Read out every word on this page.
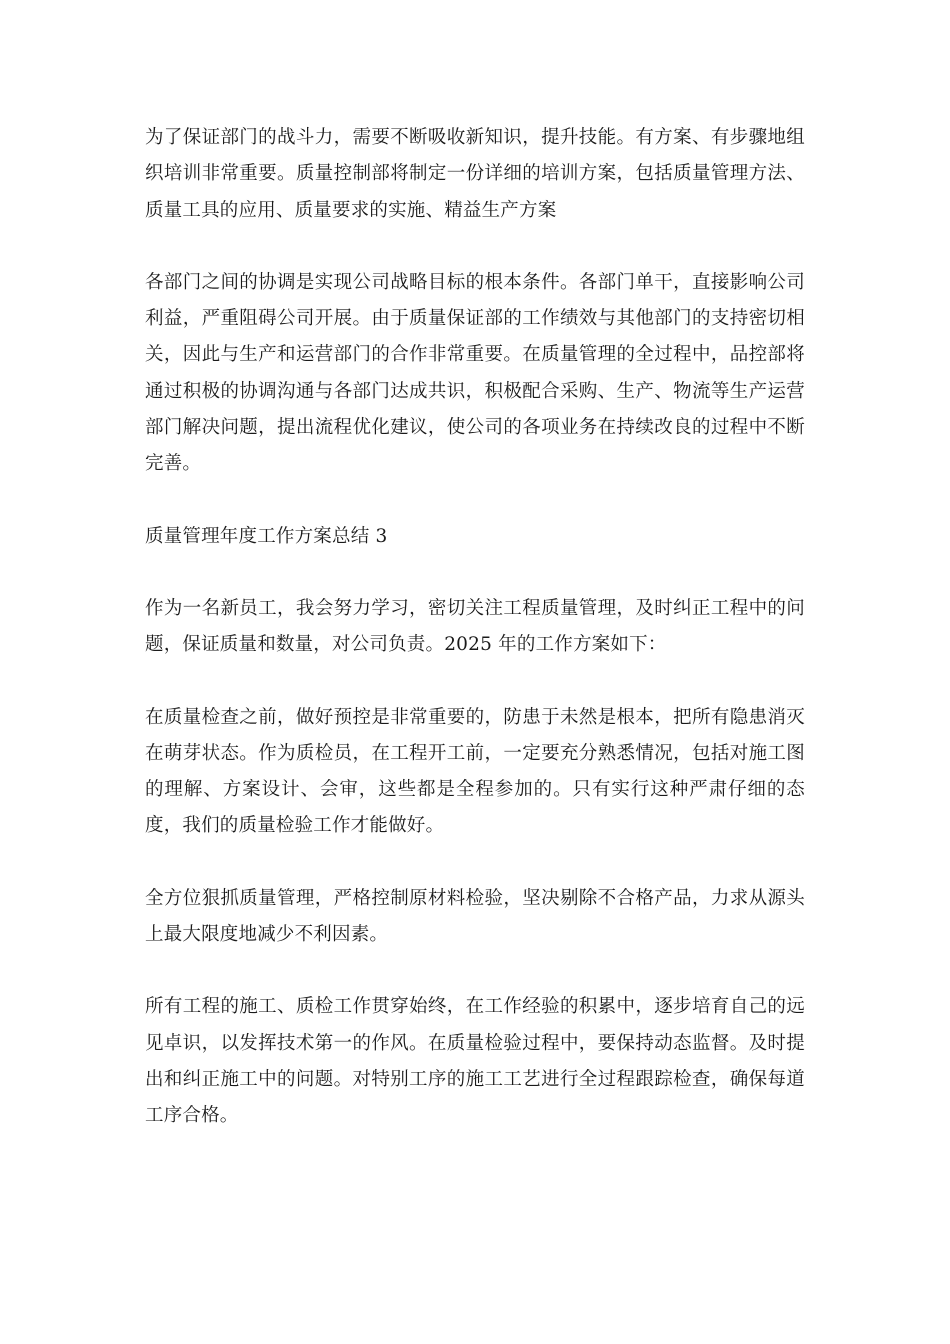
为了保证部门的战斗力，需要不断吸收新知识，提升技能。有方案、有步骤地组织培训非常重要。质量控制部将制定一份详细的培训方案，包括质量管理方法、质量工具的应用、质量要求的实施、精益生产方案

各部门之间的协调是实现公司战略目标的根本条件。各部门单干，直接影响公司利益，严重阻碍公司开展。由于质量保证部的工作绩效与其他部门的支持密切相关，因此与生产和运营部门的合作非常重要。在质量管理的全过程中，品控部将通过积极的协调沟通与各部门达成共识，积极配合采购、生产、物流等生产运营部门解决问题，提出流程优化建议，使公司的各项业务在持续改良的过程中不断完善。

质量管理年度工作方案总结 3

作为一名新员工，我会努力学习，密切关注工程质量管理，及时纠正工程中的问题，保证质量和数量，对公司负责。2025 年的工作方案如下：

在质量检查之前，做好预控是非常重要的，防患于未然是根本，把所有隐患消灭在萌芽状态。作为质检员，在工程开工前，一定要充分熟悉情况，包括对施工图的理解、方案设计、会审，这些都是全程参加的。只有实行这种严肃仔细的态度，我们的质量检验工作才能做好。

全方位狠抓质量管理，严格控制原材料检验，坚决剔除不合格产品，力求从源头上最大限度地减少不利因素。

所有工程的施工、质检工作贯穿始终，在工作经验的积累中，逐步培育自己的远见卓识，以发挥技术第一的作风。在质量检验过程中，要保持动态监督。及时提出和纠正施工中的问题。对特别工序的施工工艺进行全过程跟踪检查，确保每道工序合格。
